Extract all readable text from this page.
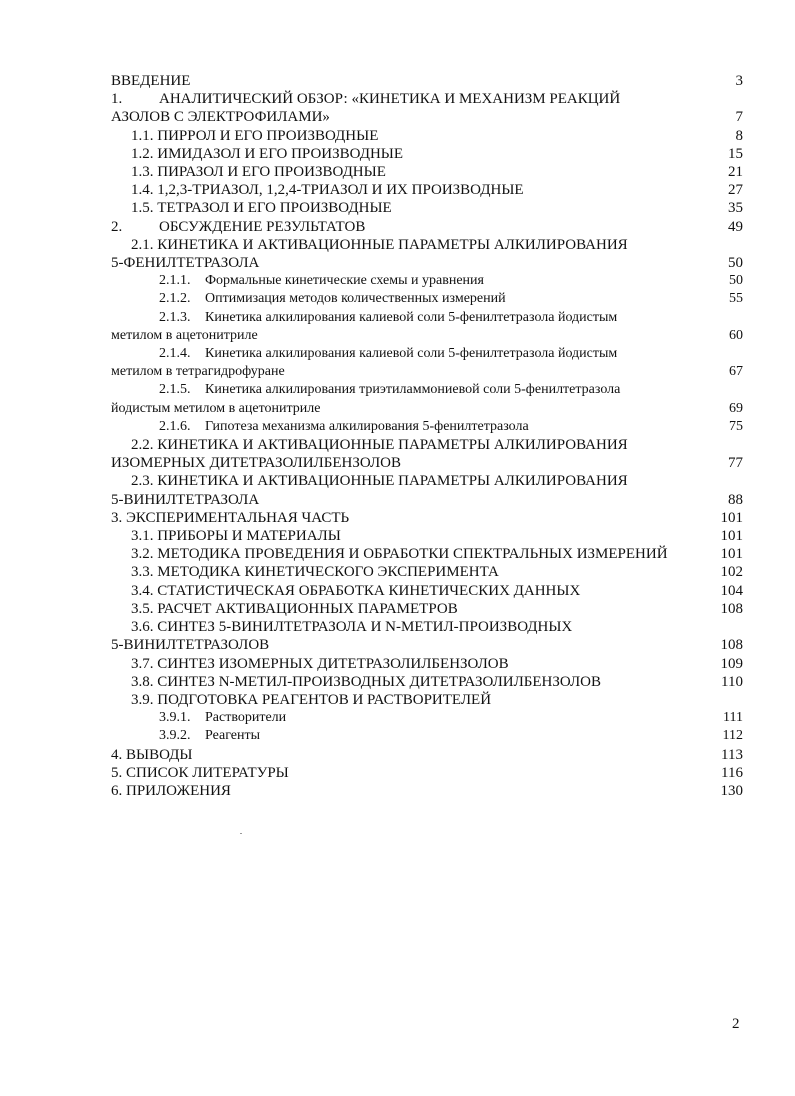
ВВЕДЕНИЕ	3
1. АНАЛИТИЧЕСКИЙ ОБЗОР: «КИНЕТИКА И МЕХАНИЗМ РЕАКЦИЙ
АЗОЛОВ С ЭЛЕКТРОФИЛАМИ»	7
1.1. ПИРРОЛ И ЕГО ПРОИЗВОДНЫЕ	8
1.2. ИМИДАЗОЛ И ЕГО ПРОИЗВОДНЫЕ	15
1.3. ПИРАЗОЛ И ЕГО ПРОИЗВОДНЫЕ	21
1.4. 1,2,3-ТРИАЗОЛ, 1,2,4-ТРИАЗОЛ И ИХ ПРОИЗВОДНЫЕ	27
1.5. ТЕТРАЗОЛ И ЕГО ПРОИЗВОДНЫЕ	35
2. ОБСУЖДЕНИЕ РЕЗУЛЬТАТОВ	49
2.1. КИНЕТИКА И АКТИВАЦИОННЫЕ ПАРАМЕТРЫ АЛКИЛИРОВАНИЯ
5-ФЕНИЛТЕТРАЗОЛА	50
2.1.1. Формальные кинетические схемы и уравнения	50
2.1.2. Оптимизация методов количественных измерений	55
2.1.3. Кинетика алкилирования калиевой соли 5-фенилтетразола йодистым
метилом в ацетонитриле	60
2.1.4. Кинетика алкилирования калиевой соли 5-фенилтетразола йодистым
метилом в тетрагидрофуране	67
2.1.5. Кинетика алкилирования триэтиламмониевой соли 5-фенилтетразола
йодистым метилом в ацетонитриле	69
2.1.6. Гипотеза механизма алкилирования 5-фенилтетразола	75
2.2. КИНЕТИКА И АКТИВАЦИОННЫЕ ПАРАМЕТРЫ АЛКИЛИРОВАНИЯ
ИЗОМЕРНЫХ ДИТЕТРАЗОЛИЛБЕНЗОЛОВ	77
2.3. КИНЕТИКА И АКТИВАЦИОННЫЕ ПАРАМЕТРЫ АЛКИЛИРОВАНИЯ
5-ВИНИЛТЕТРАЗОЛА	88
3. ЭКСПЕРИМЕНТАЛЬНАЯ ЧАСТЬ	101
3.1. ПРИБОРЫ И МАТЕРИАЛЫ	101
3.2. МЕТОДИКА ПРОВЕДЕНИЯ И ОБРАБОТКИ СПЕКТРАЛЬНЫХ ИЗМЕРЕНИЙ	101
3.3. МЕТОДИКА КИНЕТИЧЕСКОГО ЭКСПЕРИМЕНТА	102
3.4. СТАТИСТИЧЕСКАЯ ОБРАБОТКА КИНЕТИЧЕСКИХ ДАННЫХ	104
3.5. РАСЧЕТ АКТИВАЦИОННЫХ ПАРАМЕТРОВ	108
3.6. СИНТЕЗ 5-ВИНИЛТЕТРАЗОЛА И N-МЕТИЛ-ПРОИЗВОДНЫХ
5-ВИНИЛТЕТРАЗОЛОВ	108
3.7. СИНТЕЗ ИЗОМЕРНЫХ ДИТЕТРАЗОЛИЛБЕНЗОЛОВ	109
3.8. СИНТЕЗ N-МЕТИЛ-ПРОИЗВОДНЫХ ДИТЕТРАЗОЛИЛБЕНЗОЛОВ	110
3.9. ПОДГОТОВКА РЕАГЕНТОВ И РАСТВОРИТЕЛЕЙ
3.9.1. Растворители	111
3.9.2. Реагенты	112
4. ВЫВОДЫ	113
5. СПИСОК ЛИТЕРАТУРЫ	116
6. ПРИЛОЖЕНИЯ	130
2
